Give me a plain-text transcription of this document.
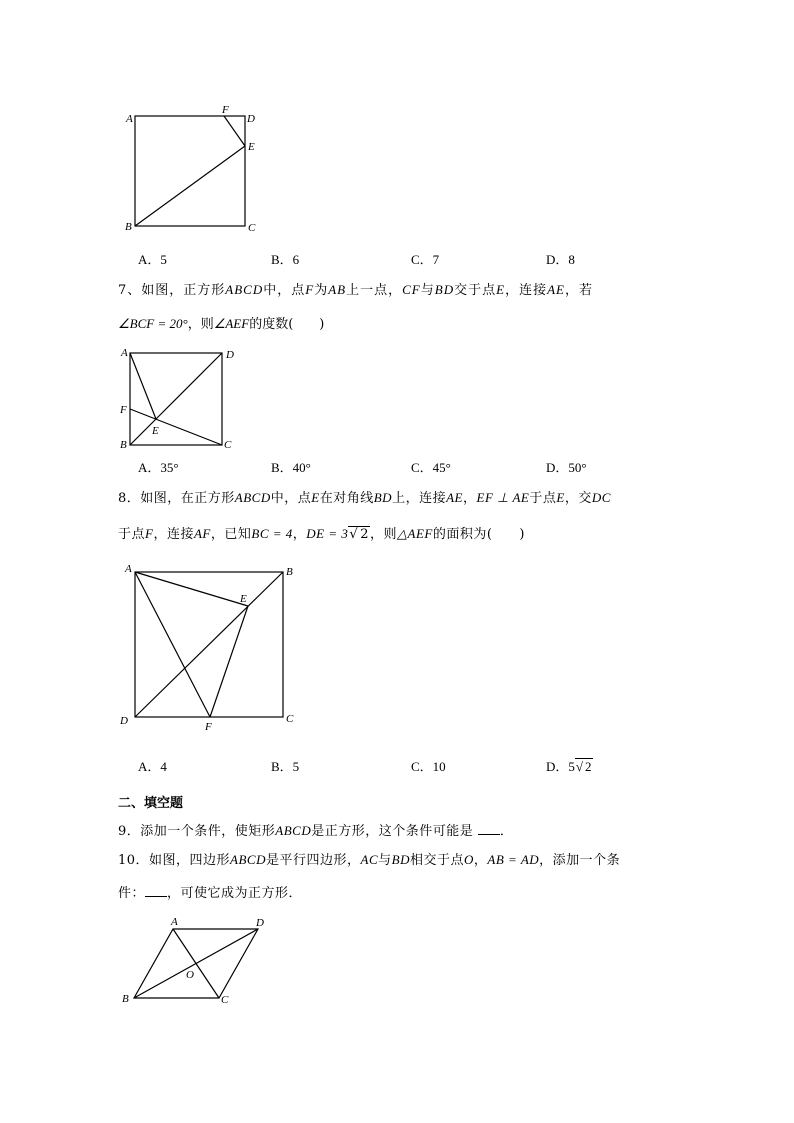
A
B	C
D
E
F
A．5	B．6	C．7	D．8
7、如图，正方形ABCD中，点F为AB上一点，CF与BD交于点E，连接AE，若
∠BCF = 20°，则∠AEF的度数(　　)
A	D
F
B
E
C
A．35°	B．40°	C．45°	D．50°
8．如图，在正方形ABCD中，点E在对角线BD上，连接AE，EF ⊥ AE于点E，交DC
于点F，连接AF，已知BC = 4，DE = 3√ 2，则△AEF的面积为(　　)
A	B
E
D	F
C
A．4	B．5	C．10	D．5√ 2
二、填空题
9．添加一个条件，使矩形ABCD是正方形，这个条件可能是 ．
10．如图，四边形ABCD是平行四边形，AC与BD相交于点O，AB = AD，添加一个条
件： ，可使它成为正方形．
A	D
O
B	C
